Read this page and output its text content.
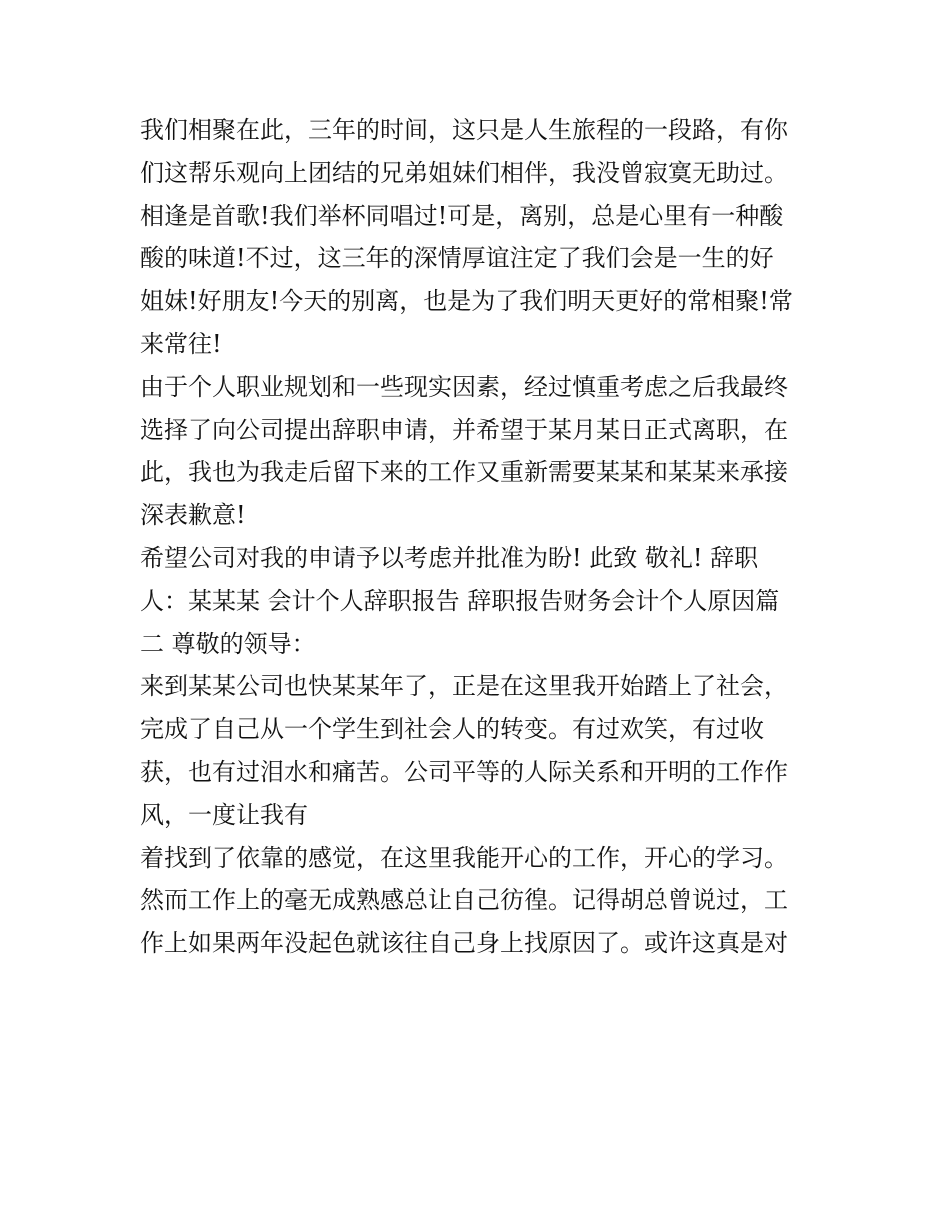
我们相聚在此，三年的时间，这只是人生旅程的一段路，有你
们这帮乐观向上团结的兄弟姐妹们相伴，我没曾寂寞无助过。
相逢是首歌!我们举杯同唱过!可是，离别，总是心里有一种酸
酸的味道!不过，这三年的深情厚谊注定了我们会是一生的好
姐妹!好朋友!今天的别离，也是为了我们明天更好的常相聚!常
来常往!
由于个人职业规划和一些现实因素，经过慎重考虑之后我最终
选择了向公司提出辞职申请，并希望于某月某日正式离职，在
此，我也为我走后留下来的工作又重新需要某某和某某来承接
深表歉意!
希望公司对我的申请予以考虑并批准为盼! 此致 敬礼! 辞职
人：某某某 会计个人辞职报告 辞职报告财务会计个人原因篇
二 尊敬的领导：
来到某某公司也快某某年了，正是在这里我开始踏上了社会，
完成了自己从一个学生到社会人的转变。有过欢笑，有过收
获，也有过泪水和痛苦。公司平等的人际关系和开明的工作作
风，一度让我有
着找到了依靠的感觉，在这里我能开心的工作，开心的学习。
然而工作上的毫无成熟感总让自己彷徨。记得胡总曾说过，工
作上如果两年没起色就该往自己身上找原因了。或许这真是对
